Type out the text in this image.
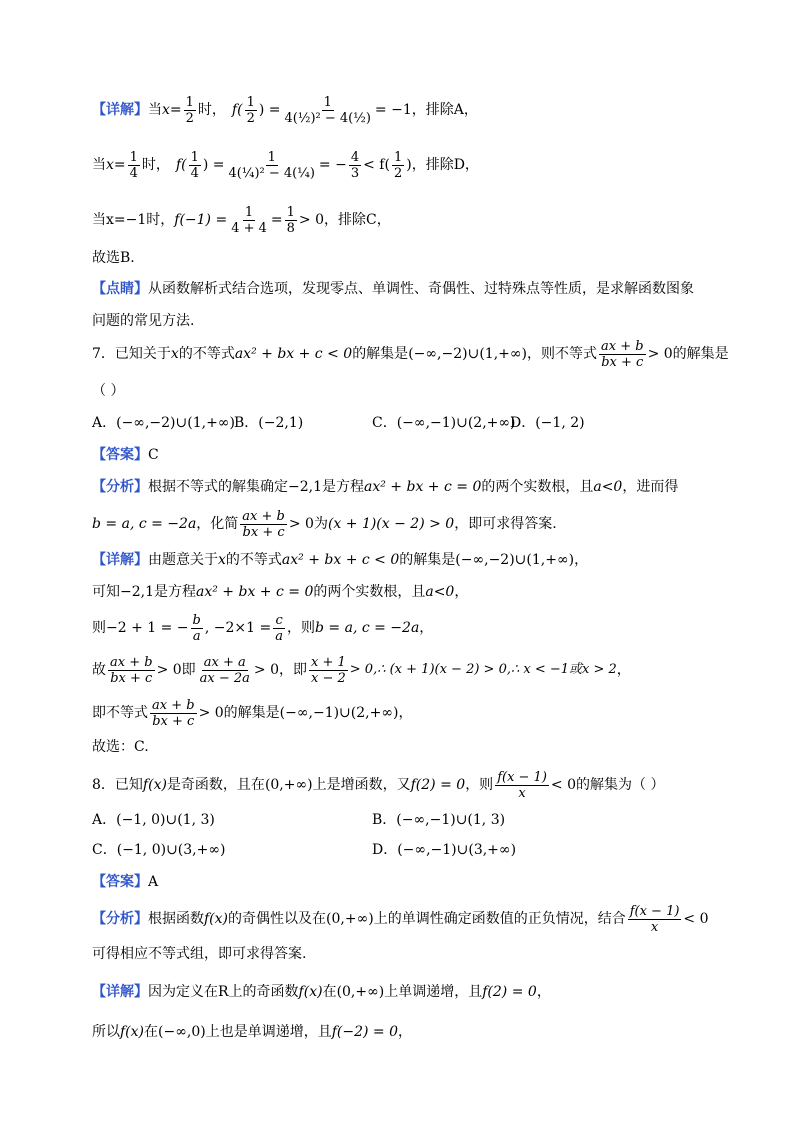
【详解】 当 $x = \frac{1}{2}$ 时， $f( \frac{1}{2}$ ) = $\frac{1}{\text{4(½)² − 4(½)}} = -1$，排除A，
当 $x = \frac{1}{4}$ 时， $f( \frac{1}{4}$ ) = $\frac{1}{\text{4(¼)² − 4(¼)}}$ = − $\frac{4}{3} < f( \frac{1}{2}$ )，排除D，
当x=−1时， $f(-1) = \frac{1}{4 + 4} = \frac{1}{8} > 0$，排除C，
故选B.
【点睛】 从函数解析式结合选项，发现零点、单调性、奇偶性、过特殊点等性质，是求解函数图象
问题的常见方法.
7．已知关于 x 的不等式 ax² + bx + c < 0 的解集是 (−∞,−2)∪(1,+∞) ，则不等式 $\frac{ax + b}{bx + c} > 0$ 的解集是
（ ）
A．(−∞,−2)∪(1,+∞) B．(−2,1)	C．(−∞,−1)∪(2,+∞)
D．(−1, 2)
【答案】 C
【分析】 根据不等式的解集确定 −2,1 是方程 ax² + bx + c = 0 的两个实数根，且 a<0 ，进而得
b = a, c = −2a ，化简 $\frac{ax + b}{bx + c} > 0$ 为 (x + 1)(x − 2) > 0 ，即可求得答案.
【详解】 由题意关于 x 的不等式 ax² + bx + c < 0 的解集是 (−∞,−2)∪(1,+∞) ，
可知 −2,1 是方程 ax² + bx + c = 0 的两个实数根，且 a<0 ，
则 −2 + 1 = − $\frac{b}{a}$ , $-2\times 1 = \frac{c}{a}$ ，则 b = a, c = −2a ，
故 $\frac{ax + b}{bx + c} > 0$ 即 $\frac{ax + a}{ax - 2a} > 0$ ，即 $\frac{x + 1}{x - 2}$ > 0,∴ (x + 1)(x − 2) > 0,∴ x < −1或x > 2 ，
即不等式 $\frac{ax + b}{bx + c} > 0$ 的解集是 (−∞,−1)∪(2,+∞) ，
故选：C.
8．已知 f(x) 是奇函数，且在 (0,+∞) 上是增函数，又 f(2) = 0 ，则 $\frac{f(x - 1)}{x} < 0$ 的解集为（ ）
A．(−1, 0)∪(1, 3)	B．(−∞,−1)∪(1, 3)
C．(−1, 0)∪(3,+∞)	D．(−∞,−1)∪(3,+∞)
【答案】 A
【分析】 根据函数 f(x) 的奇偶性以及在 (0,+∞) 上的单调性确定函数值的正负情况，结合 $\frac{f(x - 1)}{x} < 0$
可得相应不等式组，即可求得答案.
【详解】 因为定义在R上的奇函数 f(x) 在 (0,+∞) 上单调递增，且 f(2) = 0 ，
所以 f(x) 在 (−∞,0) 上也是单调递增，且 f(−2) = 0 ，
